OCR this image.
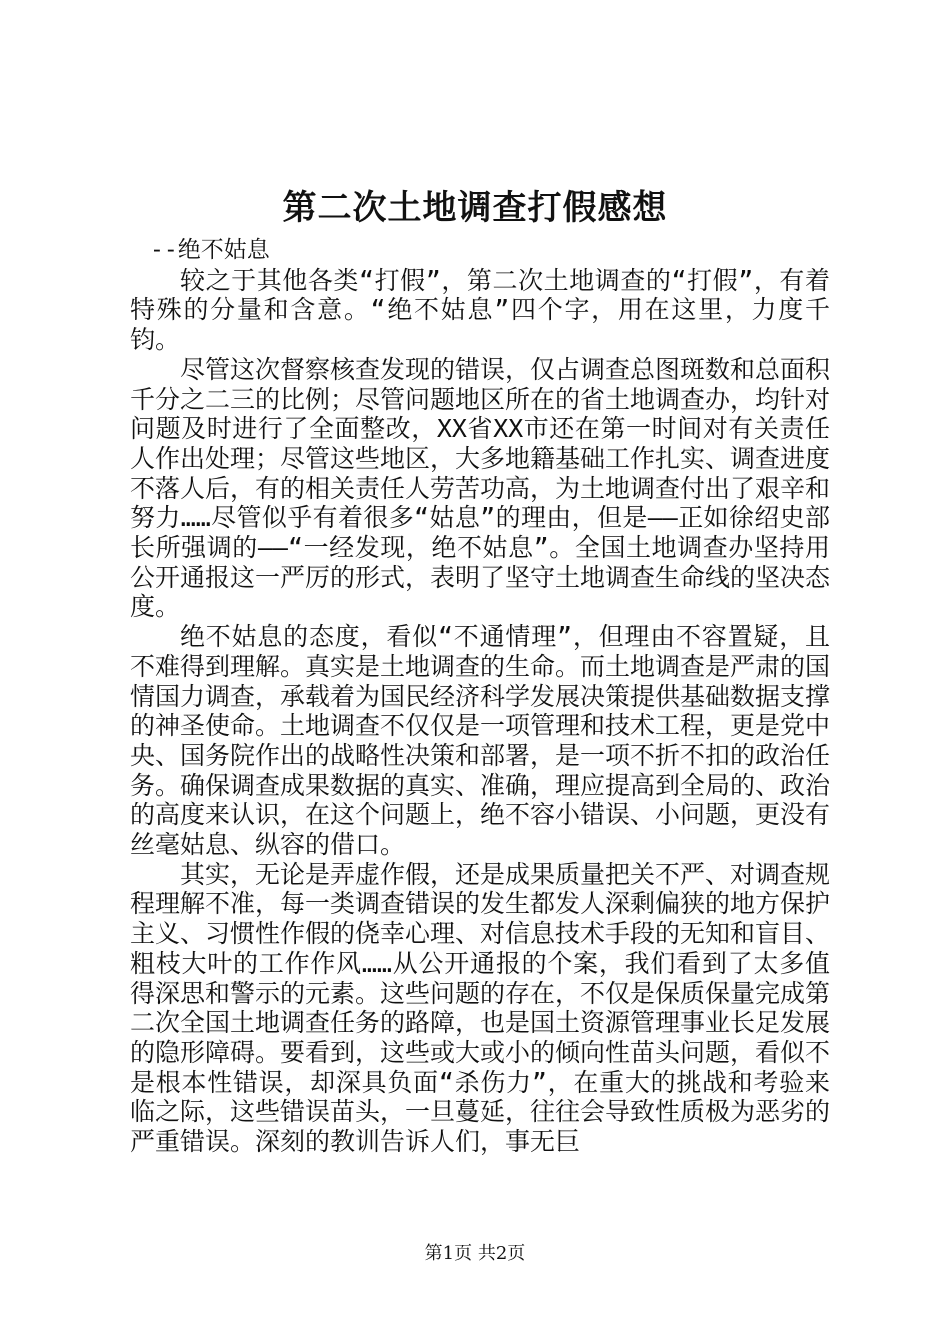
第二次土地调查打假感想

--绝不姑息

较之于其他各类“打假”，第二次土地调查的“打假”，有着特殊的分量和含意。“绝不姑息”四个字，用在这里，力度千钧。

尽管这次督察核查发现的错误，仅占调查总图斑数和总面积千分之二三的比例；尽管问题地区所在的省土地调查办，均针对问题及时进行了全面整改，XX省XX市还在第一时间对有关责任人作出处理；尽管这些地区，大多地籍基础工作扎实、调查进度不落人后，有的相关责任人劳苦功高，为土地调查付出了艰辛和努力……尽管似乎有着很多“姑息”的理由，但是——正如徐绍史部长所强调的——“一经发现，绝不姑息”。全国土地调查办坚持用公开通报这一严厉的形式，表明了坚守土地调查生命线的坚决态度。

绝不姑息的态度，看似“不通情理”，但理由不容置疑，且不难得到理解。真实是土地调查的生命。而土地调查是严肃的国情国力调查，承载着为国民经济科学发展决策提供基础数据支撑的神圣使命。土地调查不仅仅是一项管理和技术工程，更是党中央、国务院作出的战略性决策和部署，是一项不折不扣的政治任务。确保调查成果数据的真实、准确，理应提高到全局的、政治的高度来认识，在这个问题上，绝不容小错误、小问题，更没有丝毫姑息、纵容的借口。

其实，无论是弄虚作假，还是成果质量把关不严、对调查规程理解不准，每一类调查错误的发生都发人深剩偏狭的地方保护主义、习惯性作假的侥幸心理、对信息技术手段的无知和盲目、粗枝大叶的工作作风……从公开通报的个案，我们看到了太多值得深思和警示的元素。这些问题的存在，不仅是保质保量完成第二次全国土地调查任务的路障，也是国土资源管理事业长足发展的隐形障碍。要看到，这些或大或小的倾向性苗头问题，看似不是根本性错误，却深具负面“杀伤力”，在重大的挑战和考验来临之际，这些错误苗头，一旦蔓延，往往会导致性质极为恶劣的严重错误。深刻的教训告诉人们，事无巨

第1页 共2页
